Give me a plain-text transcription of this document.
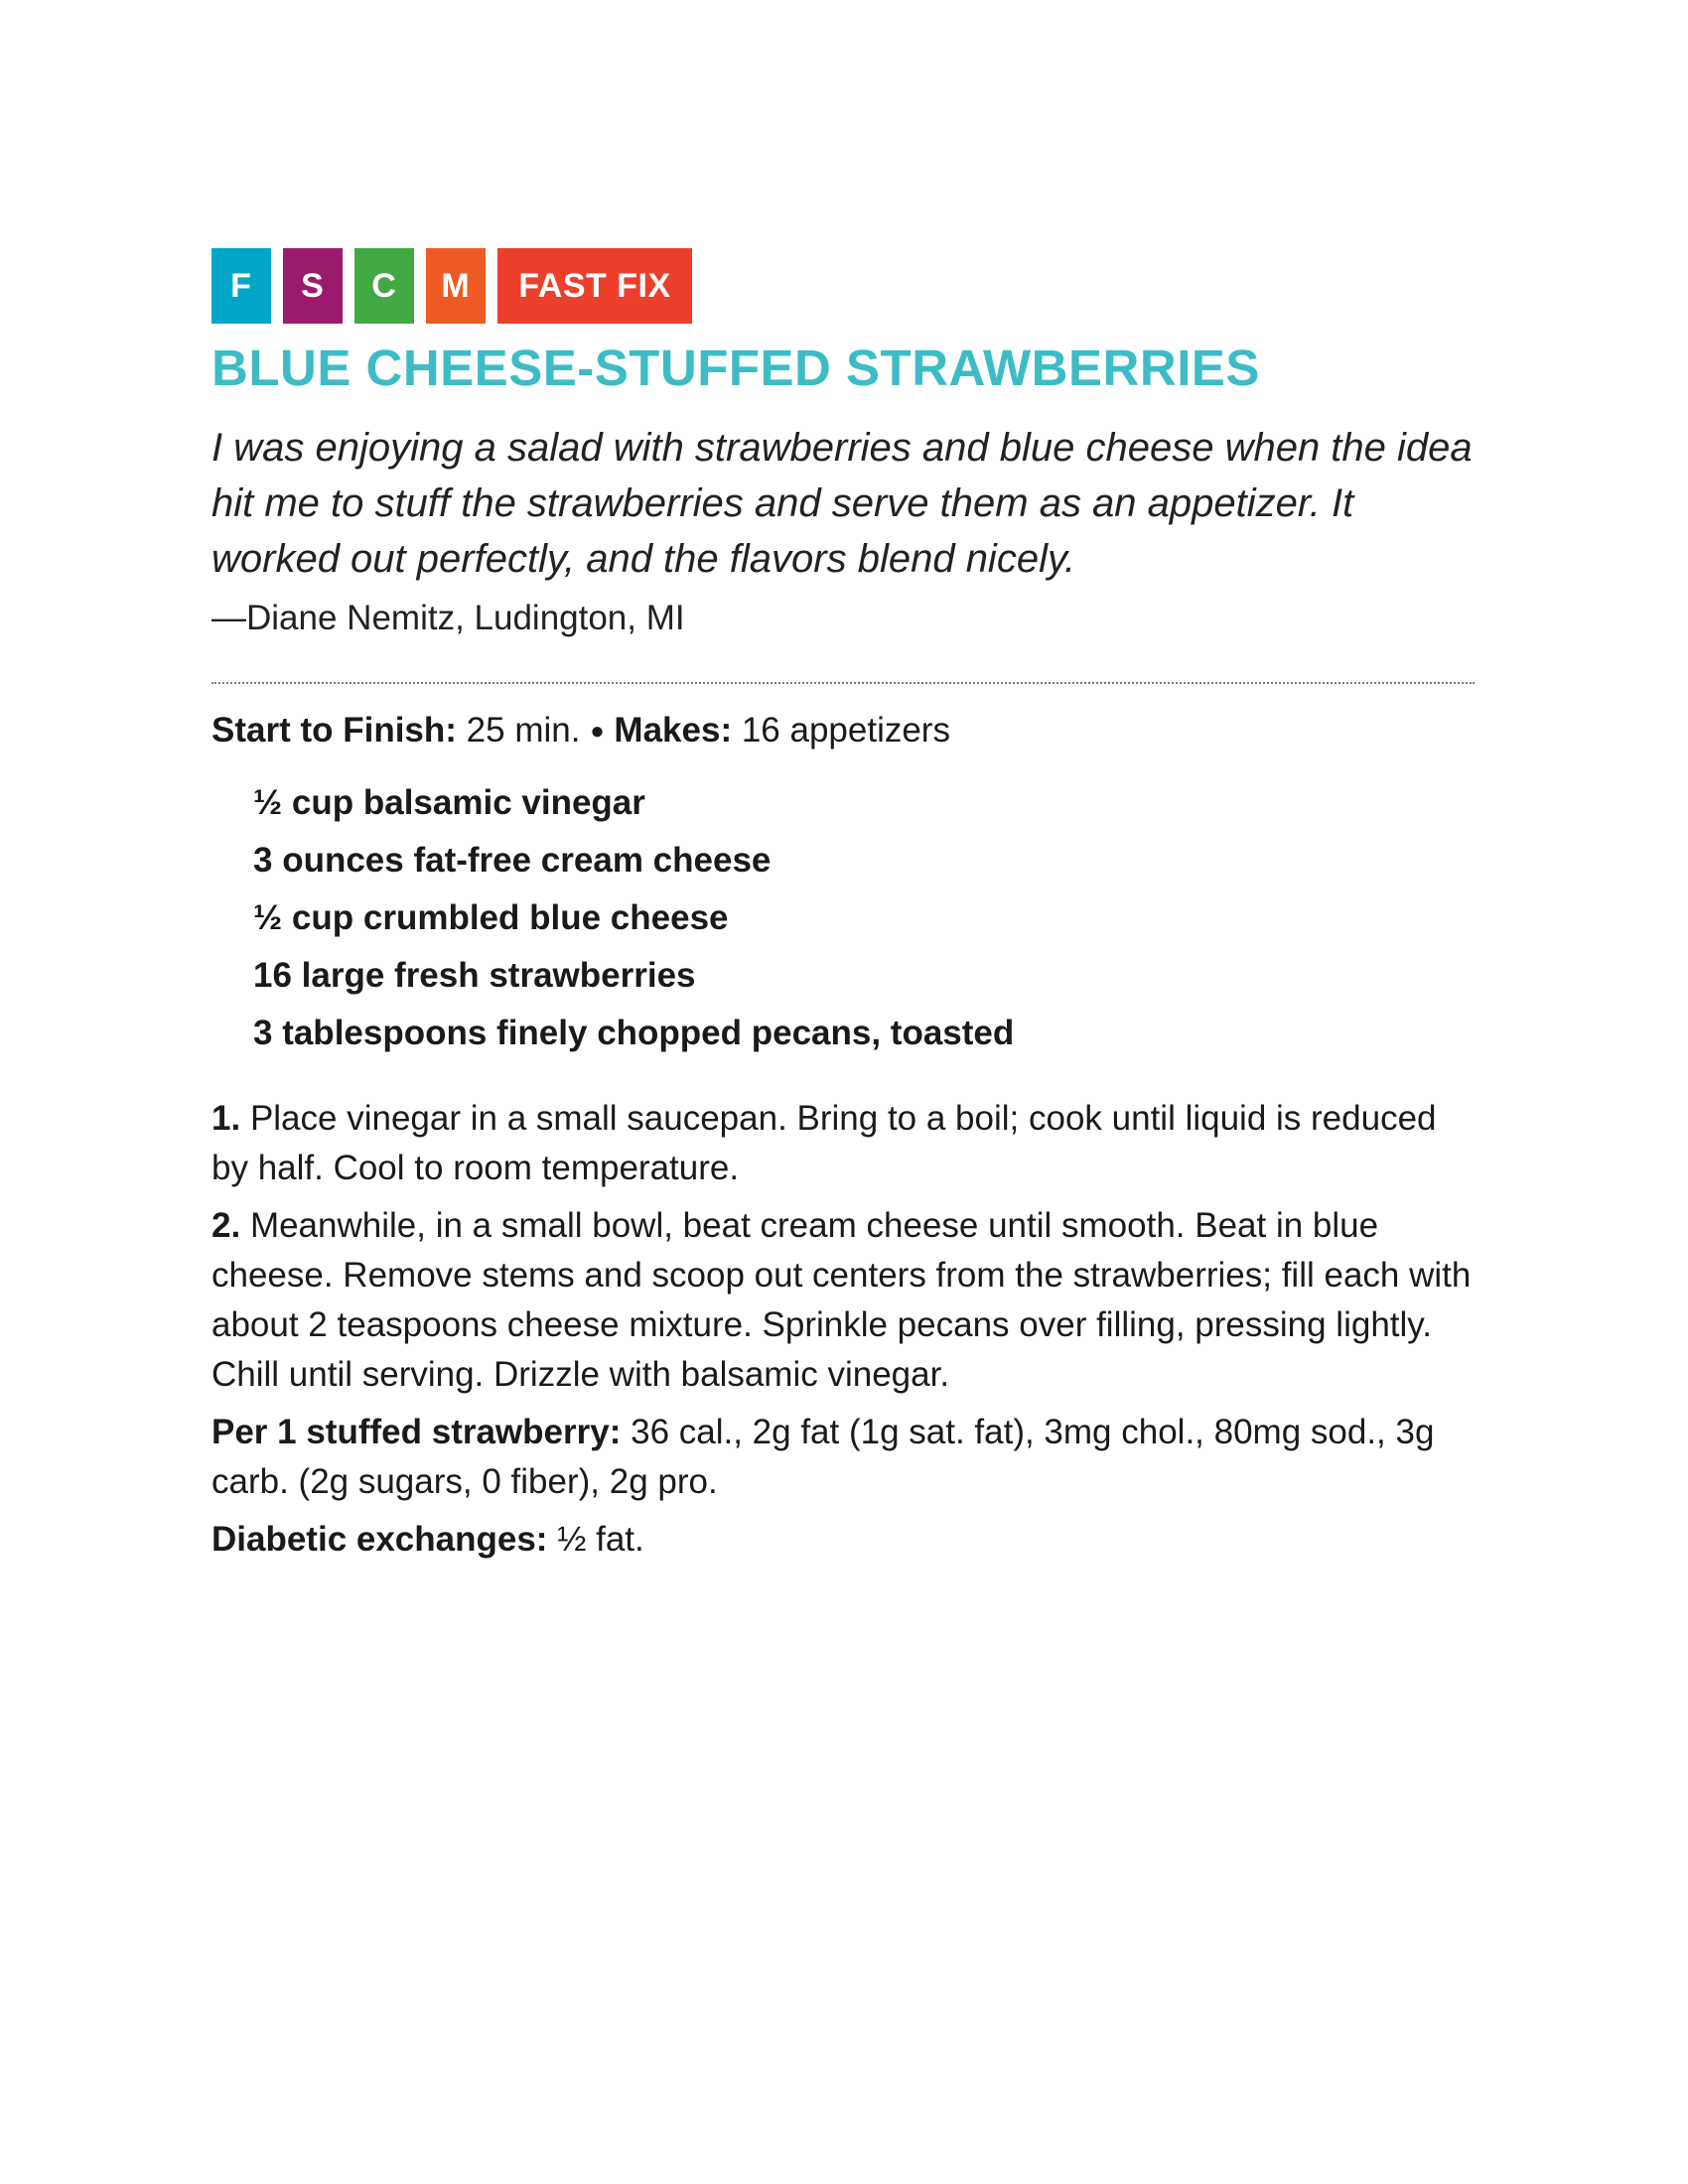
F	S	C	M	FAST FIX
BLUE CHEESE-STUFFED STRAWBERRIES

I was enjoying a salad with strawberries and blue cheese when the idea hit me to stuff the strawberries and serve them as an appetizer. It worked out perfectly, and the flavors blend nicely.

—Diane Nemitz, Ludington, MI

Start to Finish: 25 min. ● Makes: 16 appetizers

½ cup balsamic vinegar
3 ounces fat-free cream cheese
½ cup crumbled blue cheese
16 large fresh strawberries
3 tablespoons finely chopped pecans, toasted

1. Place vinegar in a small saucepan. Bring to a boil; cook until liquid is reduced by half. Cool to room temperature.

2. Meanwhile, in a small bowl, beat cream cheese until smooth. Beat in blue cheese. Remove stems and scoop out centers from the strawberries; fill each with about 2 teaspoons cheese mixture. Sprinkle pecans over filling, pressing lightly. Chill until serving. Drizzle with balsamic vinegar.

Per 1 stuffed strawberry: 36 cal., 2g fat (1g sat. fat), 3mg chol., 80mg sod., 3g carb. (2g sugars, 0 fiber), 2g pro.

Diabetic exchanges: ½ fat.
